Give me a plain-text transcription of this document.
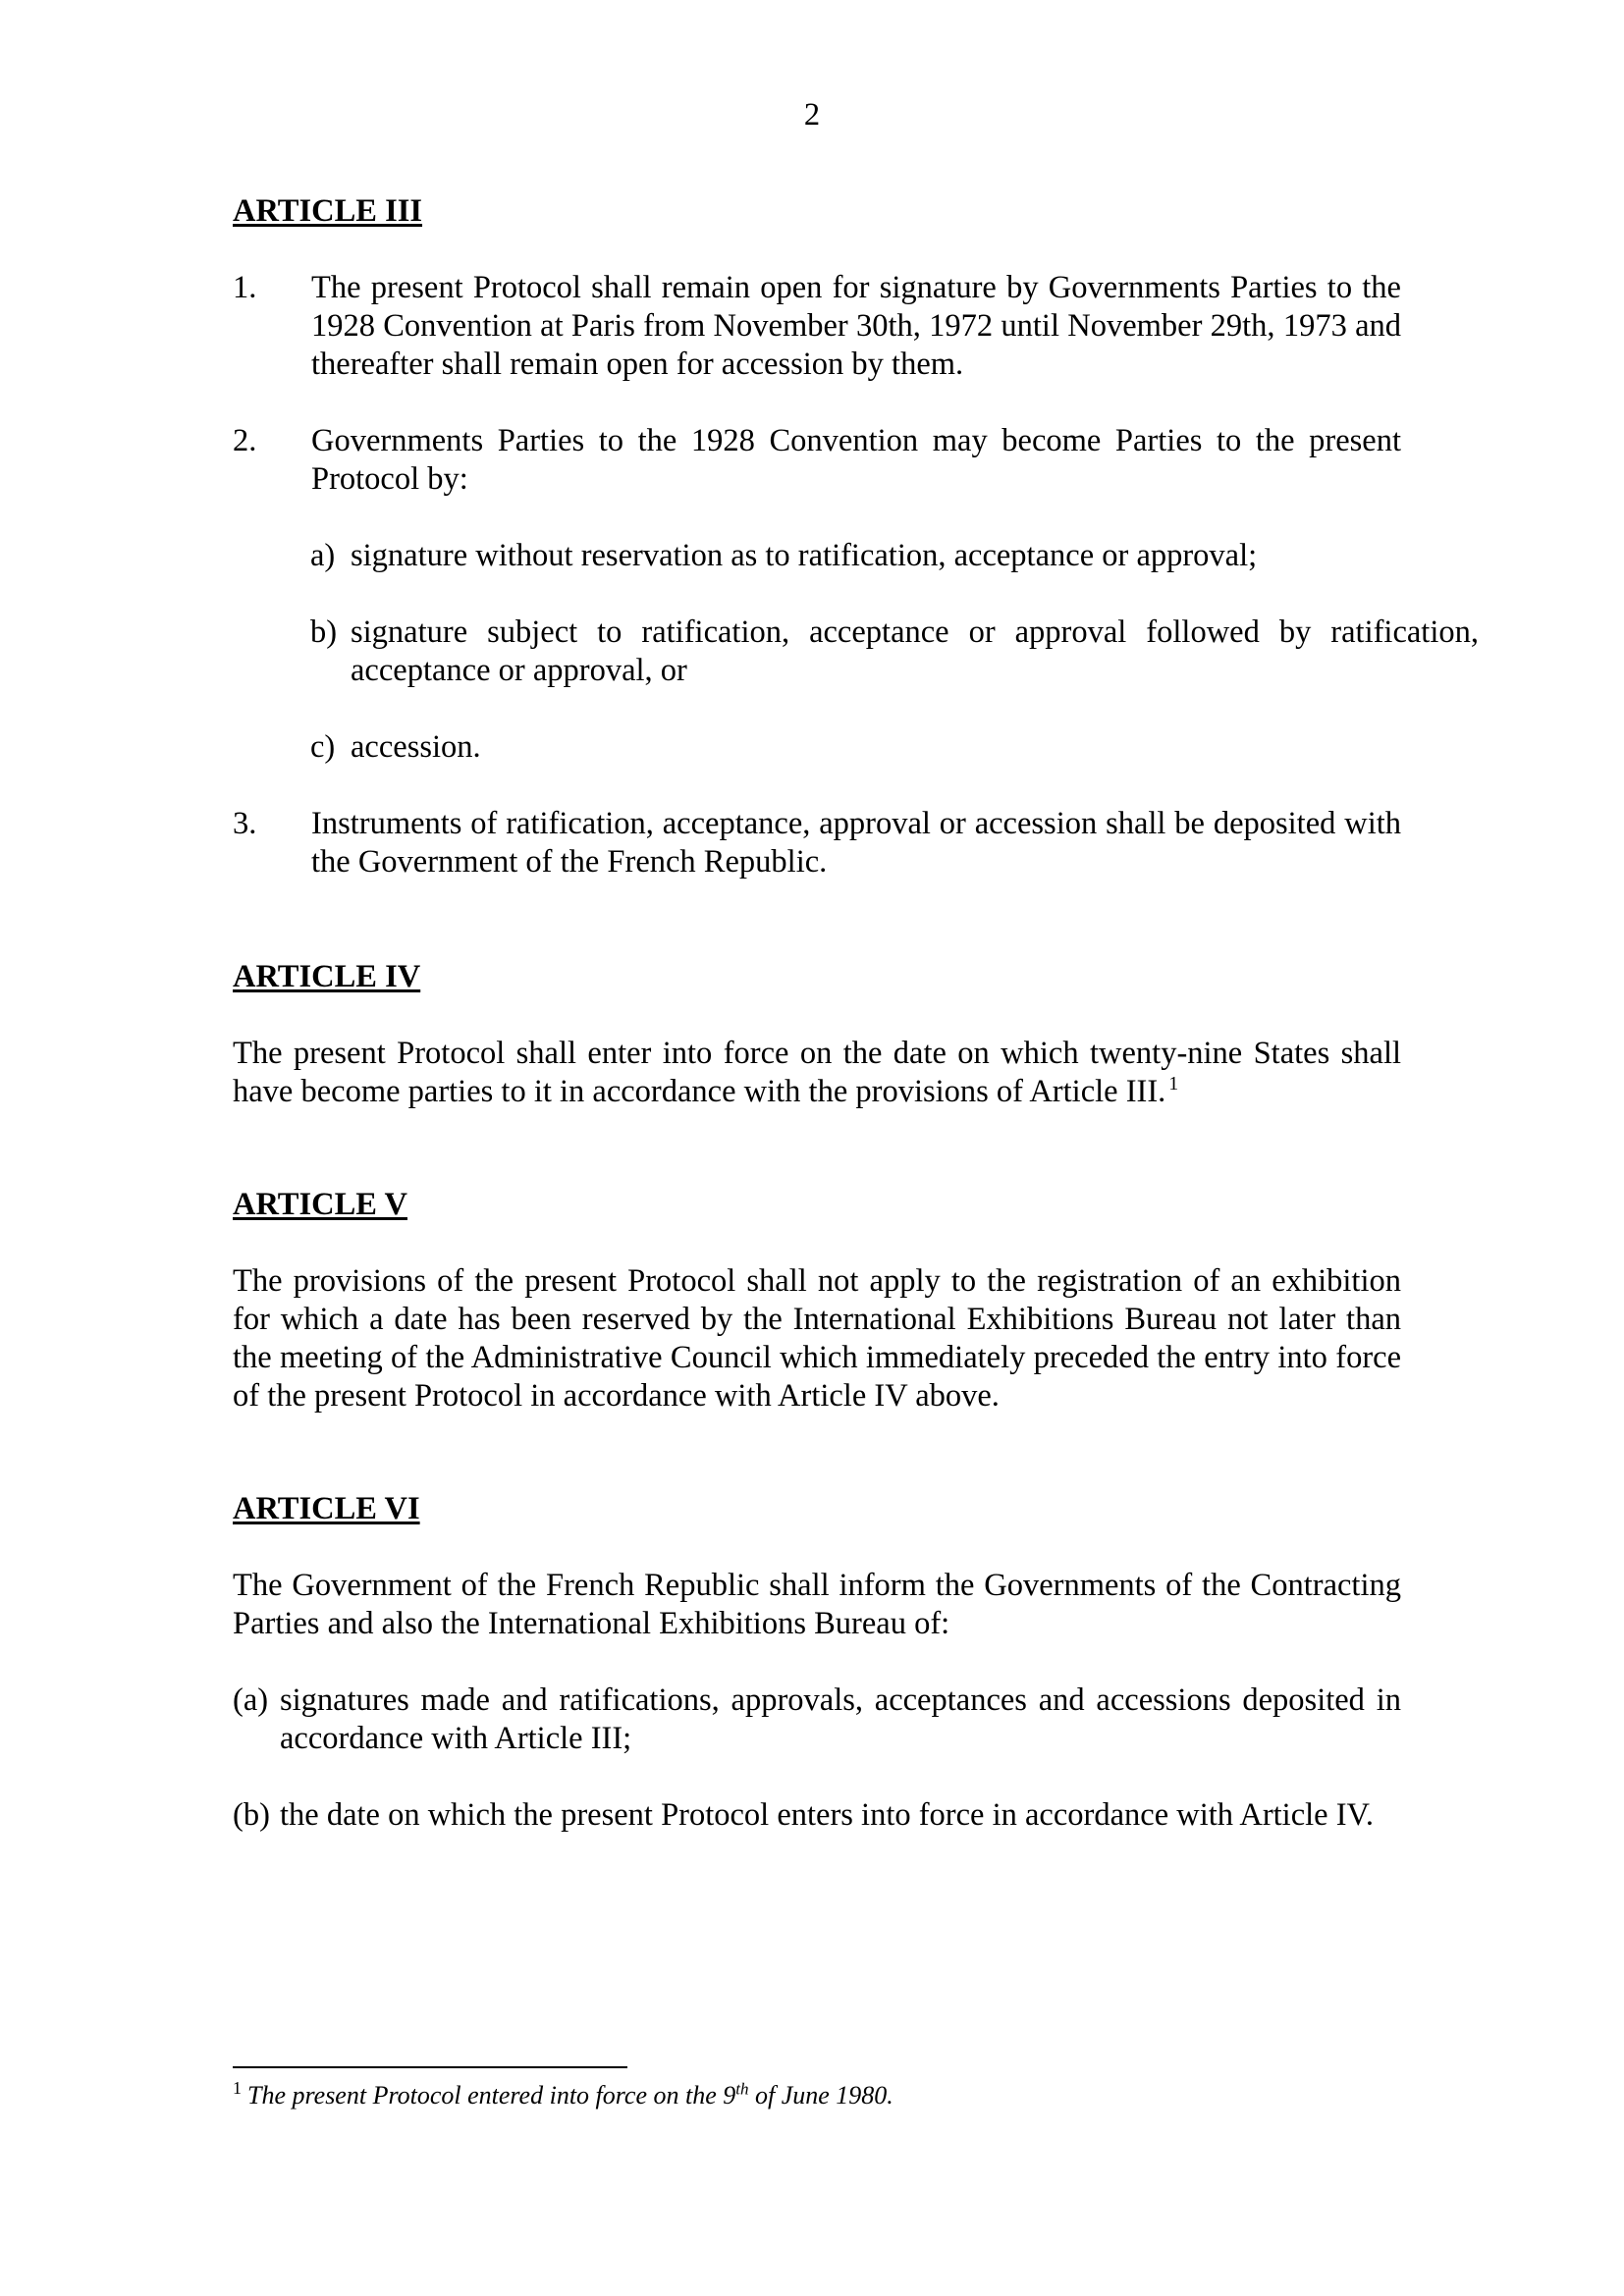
2
ARTICLE III
1.	The present Protocol shall remain open for signature by Governments Parties to the 1928 Convention at Paris from November 30th, 1972 until November 29th, 1973 and thereafter shall remain open for accession by them.
2.	Governments Parties to the 1928 Convention may become Parties to the present Protocol by:
a) signature without reservation as to ratification, acceptance or approval;
b) signature subject to ratification, acceptance or approval followed by ratification, acceptance or approval, or
c) accession.
3.	Instruments of ratification, acceptance, approval or accession shall be deposited with the Government of the French Republic.
ARTICLE IV

The present Protocol shall enter into force on the date on which twenty-nine States shall have become parties to it in accordance with the provisions of Article III. $^1$

ARTICLE V

The provisions of the present Protocol shall not apply to the registration of an exhibition for which a date has been reserved by the International Exhibitions Bureau not later than the meeting of the Administrative Council which immediately preceded the entry into force of the present Protocol in accordance with Article IV above.

ARTICLE VI

The Government of the French Republic shall inform the Governments of the Contracting Parties and also the International Exhibitions Bureau of:

(a) signatures made and ratifications, approvals, acceptances and accessions deposited in accordance with Article III;
(b) the date on which the present Protocol enters into force in accordance with Article IV.
$^1$ The present Protocol entered into force on the 9th of June 1980.
